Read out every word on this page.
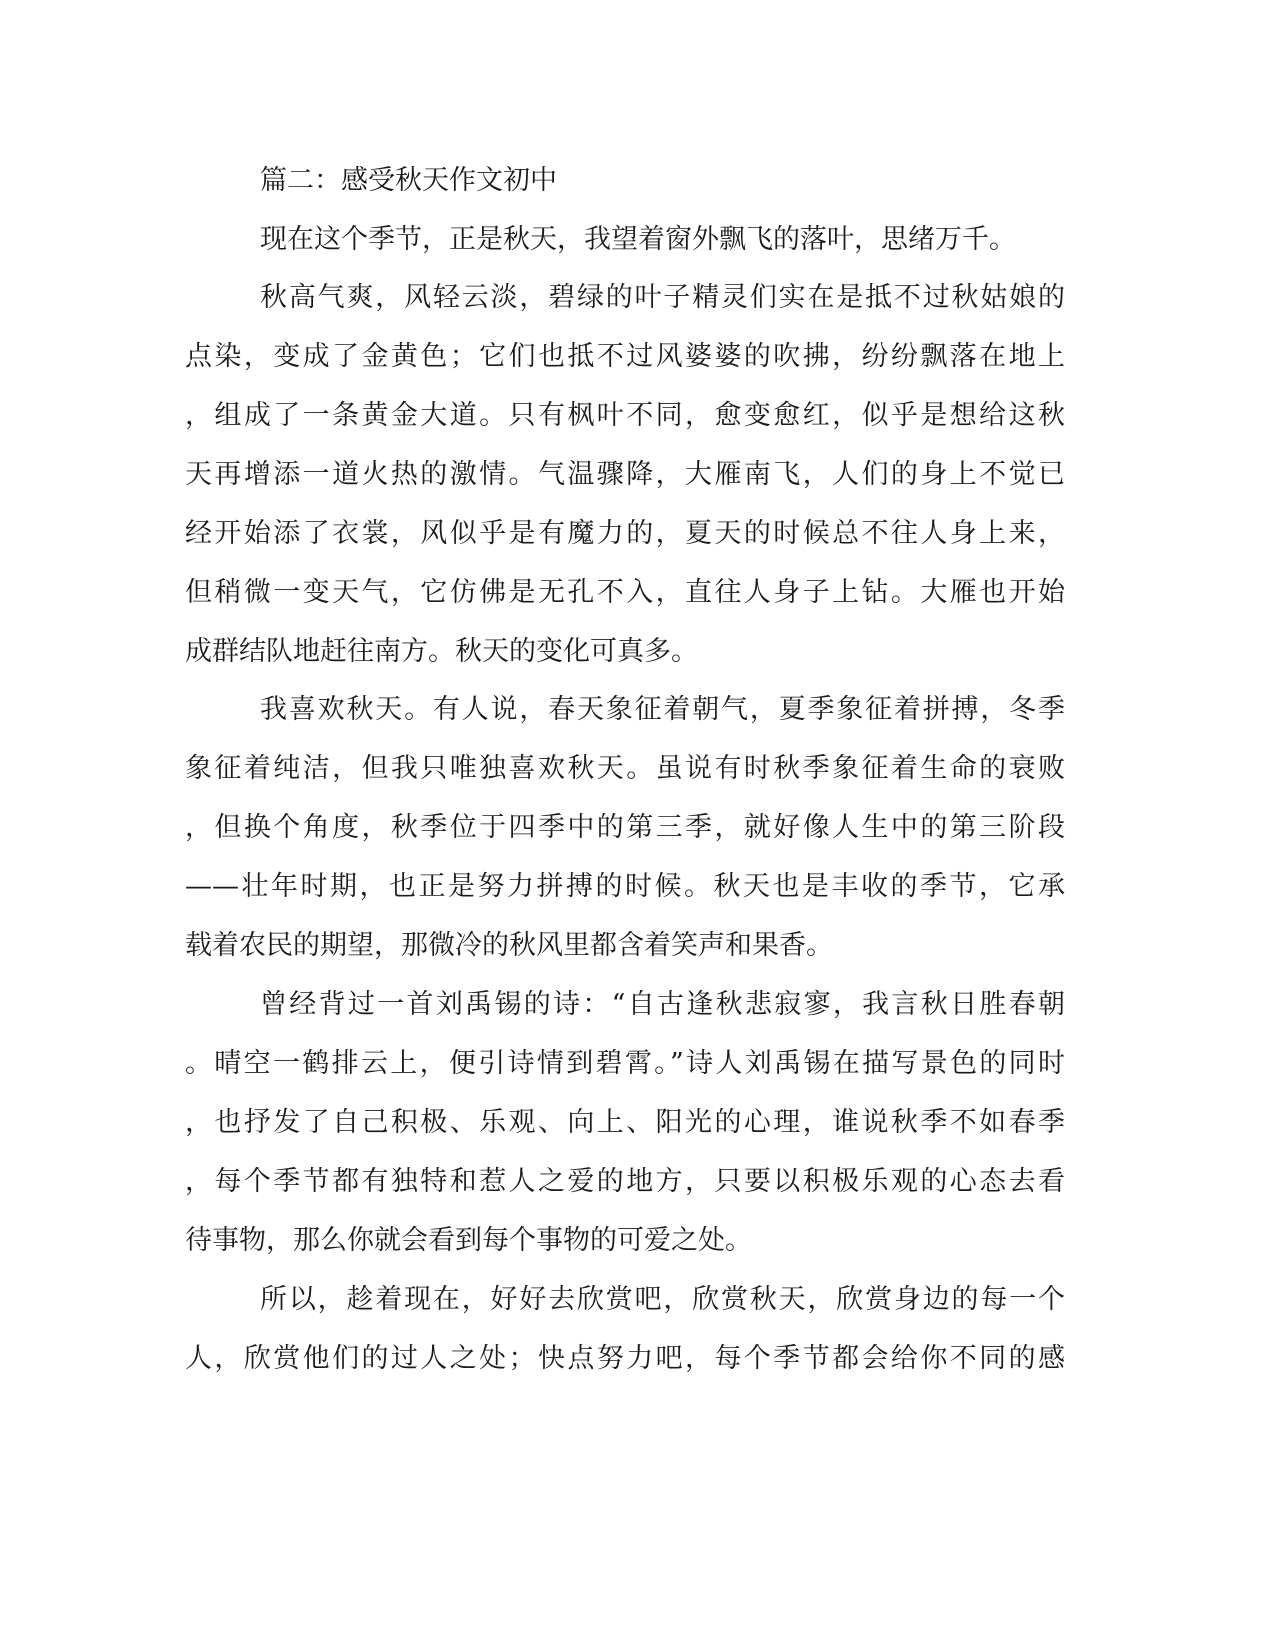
篇二：感受秋天作文初中
现在这个季节，正是秋天，我望着窗外飘飞的落叶，思绪万千。
秋高气爽，风轻云淡，碧绿的叶子精灵们实在是抵不过秋姑娘的
点染，变成了金黄色；它们也抵不过风婆婆的吹拂，纷纷飘落在地上
，组成了一条黄金大道。只有枫叶不同，愈变愈红，似乎是想给这秋
天再增添一道火热的激情。气温骤降，大雁南飞，人们的身上不觉已
经开始添了衣裳，风似乎是有魔力的，夏天的时候总不往人身上来，
但稍微一变天气，它仿佛是无孔不入，直往人身子上钻。大雁也开始
成群结队地赶往南方。秋天的变化可真多。
我喜欢秋天。有人说，春天象征着朝气，夏季象征着拼搏，冬季
象征着纯洁，但我只唯独喜欢秋天。虽说有时秋季象征着生命的衰败
，但换个角度，秋季位于四季中的第三季，就好像人生中的第三阶段
——壮年时期，也正是努力拼搏的时候。秋天也是丰收的季节，它承
载着农民的期望，那微冷的秋风里都含着笑声和果香。
曾经背过一首刘禹锡的诗：“自古逢秋悲寂寥，我言秋日胜春朝
。晴空一鹤排云上，便引诗情到碧霄。”诗人刘禹锡在描写景色的同时
，也抒发了自己积极、乐观、向上、阳光的心理，谁说秋季不如春季
，每个季节都有独特和惹人之爱的地方，只要以积极乐观的心态去看
待事物，那么你就会看到每个事物的可爱之处。
所以，趁着现在，好好去欣赏吧，欣赏秋天，欣赏身边的每一个
人，欣赏他们的过人之处；快点努力吧，每个季节都会给你不同的感
